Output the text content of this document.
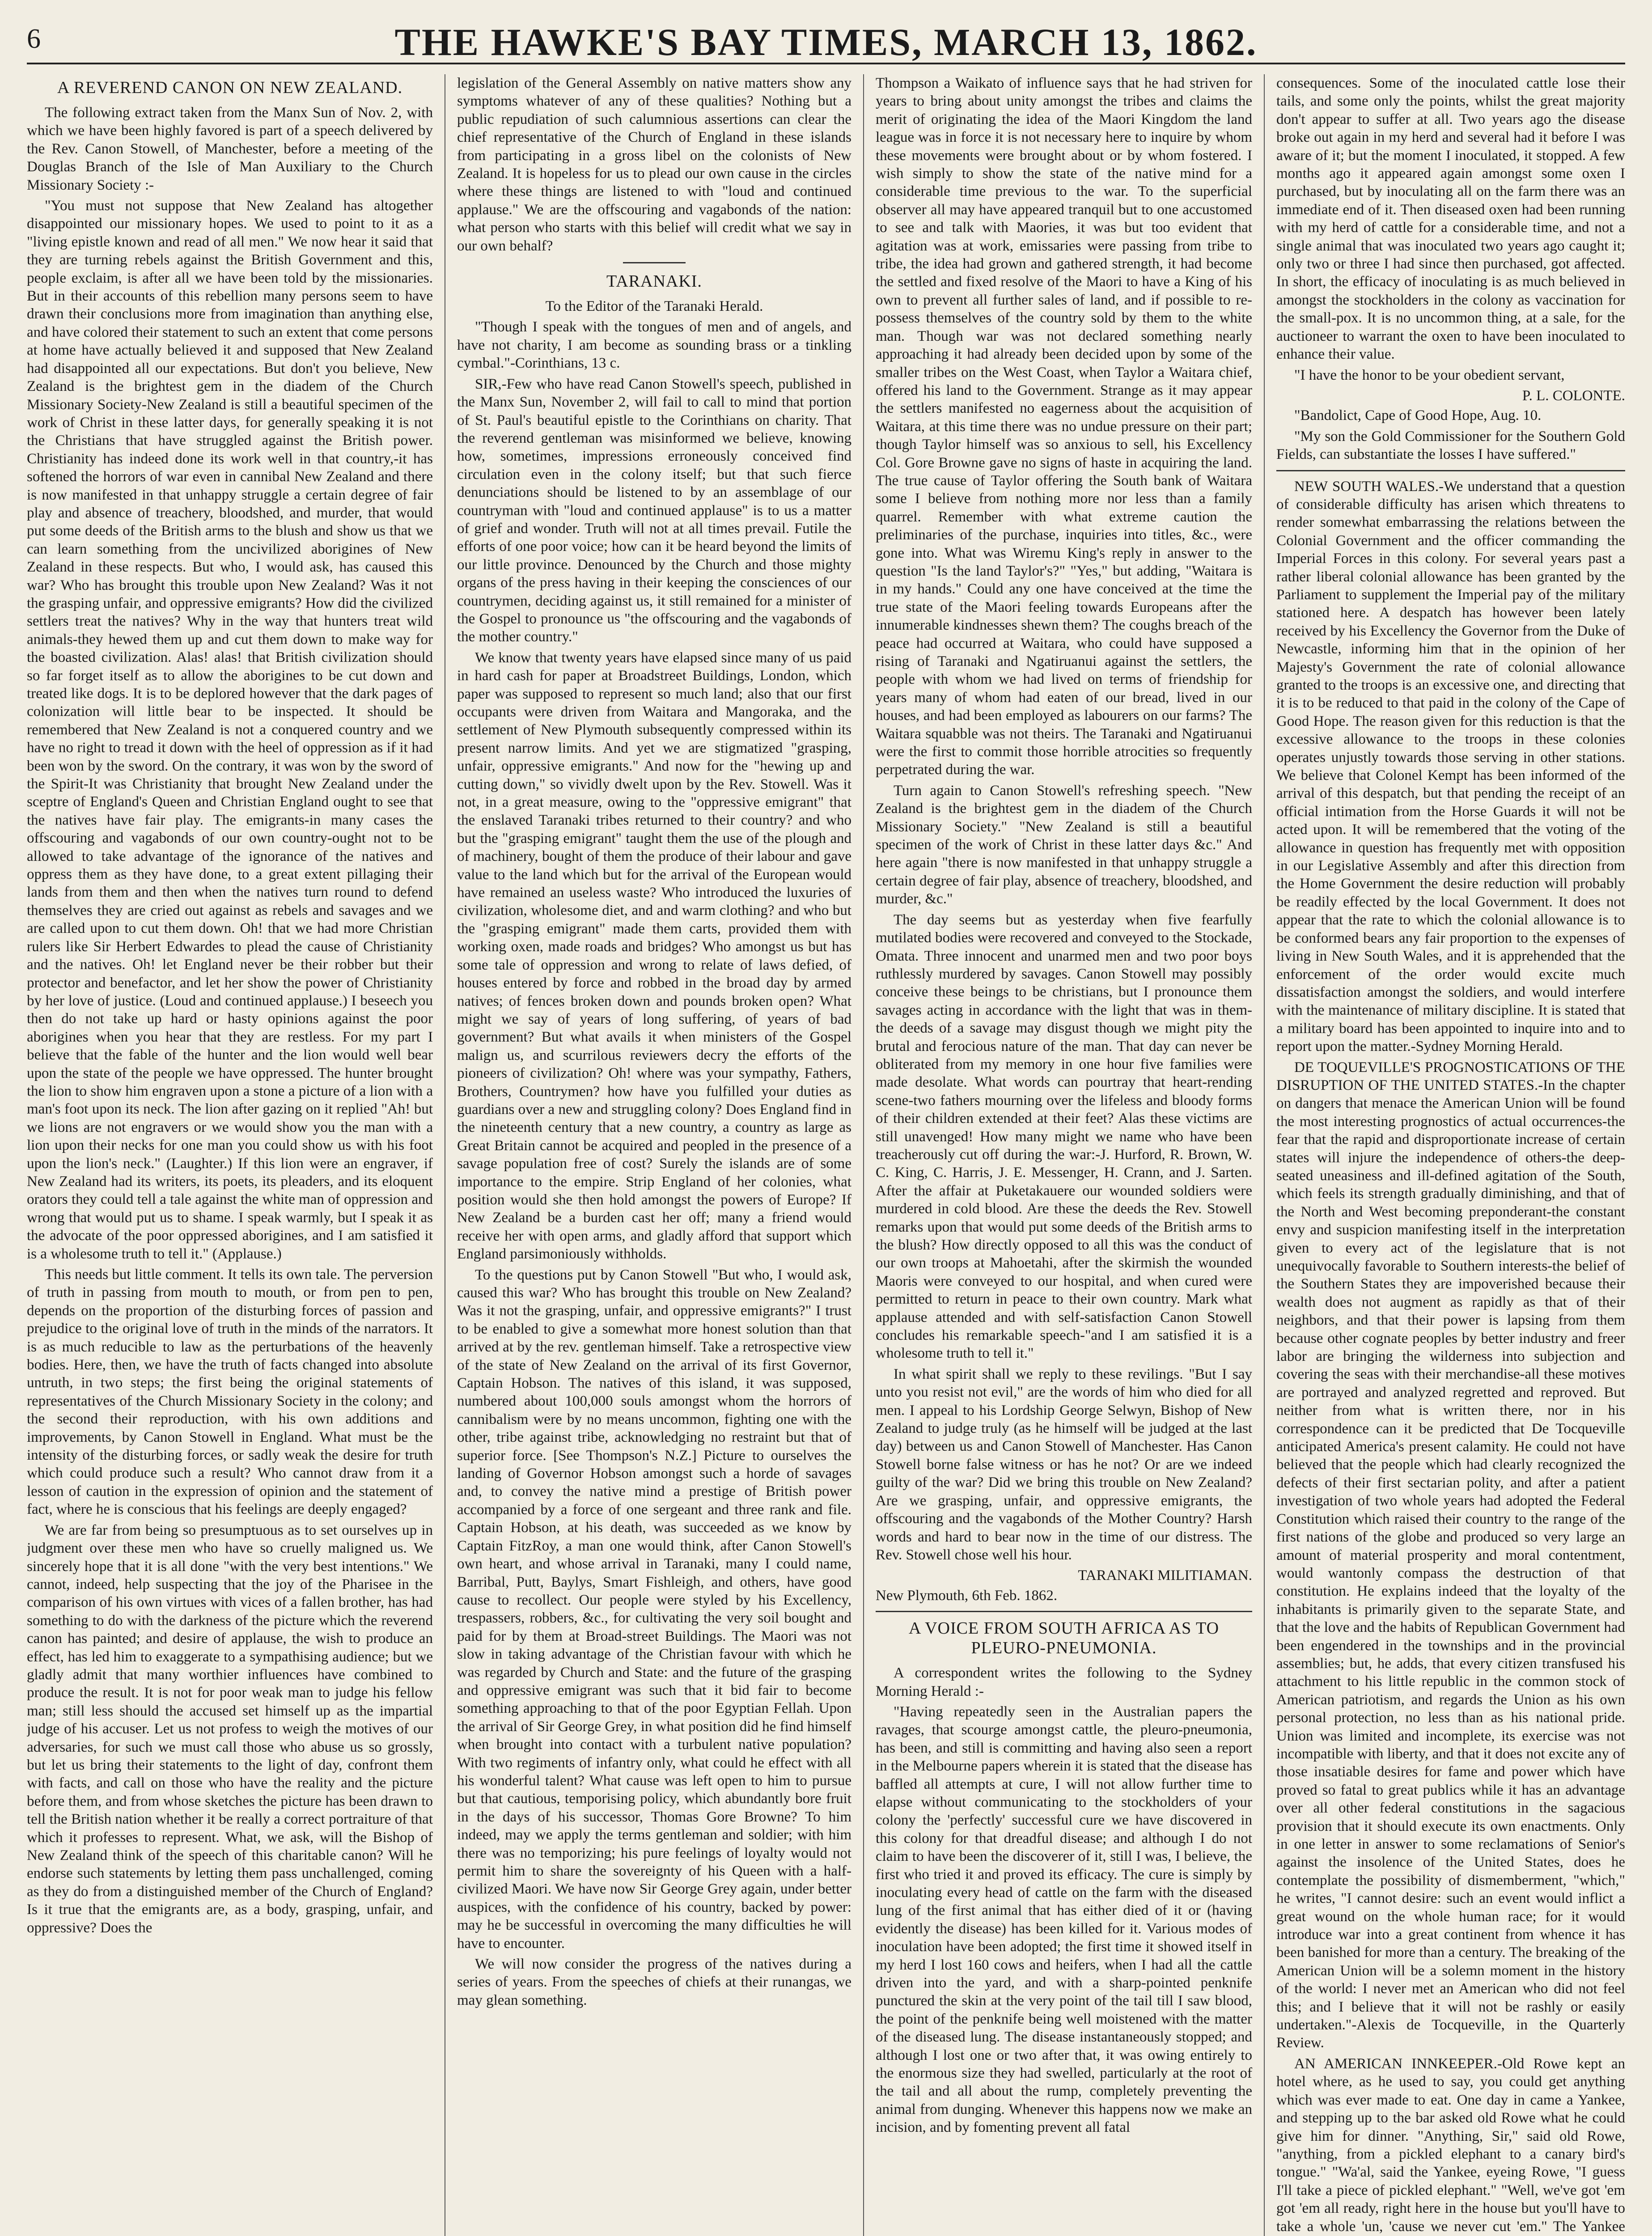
6	THE HAWKE'S BAY TIMES, MARCH 13, 1862.
A REVEREND CANON ON NEW ZEALAND.

The following extract taken from the Manx Sun of Nov. 2, with which we have been highly favored is part of a speech delivered by the Rev. Canon Stowell, of Manchester, before a meeting of the Douglas Branch of the Isle of Man Auxiliary to the Church Missionary Society :-

"You must not suppose that New Zealand has altogether disappointed our missionary hopes. We used to point to it as a "living epistle known and read of all men." We now hear it said that they are turning rebels against the British Government and this, people exclaim, is after all we have been told by the missionaries. But in their accounts of this rebellion many persons seem to have drawn their conclusions more from imagination than anything else, and have colored their statement to such an extent that come persons at home have actually believed it and supposed that New Zealand had disappointed all our expectations. But don't you believe, New Zealand is the brightest gem in the diadem of the Church Missionary Society-New Zealand is still a beautiful specimen of the work of Christ in these latter days, for generally speaking it is not the Christians that have struggled against the British power. Christianity has indeed done its work well in that country,-it has softened the horrors of war even in cannibal New Zealand and there is now manifested in that unhappy struggle a certain degree of fair play and absence of treachery, bloodshed, and murder, that would put some deeds of the British arms to the blush and show us that we can learn something from the uncivilized aborigines of New Zealand in these respects. But who, I would ask, has caused this war? Who has brought this trouble upon New Zealand? Was it not the grasping unfair, and oppressive emigrants? How did the civilized settlers treat the natives? Why in the way that hunters treat wild animals-they hewed them up and cut them down to make way for the boasted civilization. Alas! alas! that British civilization should so far forget itself as to allow the aborigines to be cut down and treated like dogs. It is to be deplored however that the dark pages of colonization will little bear to be inspected. It should be remembered that New Zealand is not a conquered country and we have no right to tread it down with the heel of oppression as if it had been won by the sword. On the contrary, it was won by the sword of the Spirit-It was Christianity that brought New Zealand under the sceptre of England's Queen and Christian England ought to see that the natives have fair play. The emigrants-in many cases the offscouring and vagabonds of our own country-ought not to be allowed to take advantage of the ignorance of the natives and oppress them as they have done, to a great extent pillaging their lands from them and then when the natives turn round to defend themselves they are cried out against as rebels and savages and we are called upon to cut them down. Oh! that we had more Christian rulers like Sir Herbert Edwardes to plead the cause of Christianity and the natives. Oh! let England never be their robber but their protector and benefactor, and let her show the power of Christianity by her love of justice. (Loud and continued applause.) I beseech you then do not take up hard or hasty opinions against the poor aborigines when you hear that they are restless. For my part I believe that the fable of the hunter and the lion would well bear upon the state of the people we have oppressed. The hunter brought the lion to show him engraven upon a stone a picture of a lion with a man's foot upon its neck. The lion after gazing on it replied "Ah! but we lions are not engravers or we would show you the man with a lion upon their necks for one man you could show us with his foot upon the lion's neck." (Laughter.) If this lion were an engraver, if New Zealand had its writers, its poets, its pleaders, and its eloquent orators they could tell a tale against the white man of oppression and wrong that would put us to shame. I speak warmly, but I speak it as the advocate of the poor oppressed aborigines, and I am satisfied it is a wholesome truth to tell it." (Applause.)

This needs but little comment. It tells its own tale. The perversion of truth in passing from mouth to mouth, or from pen to pen, depends on the proportion of the disturbing forces of passion and prejudice to the original love of truth in the minds of the narrators. It is as much reducible to law as the perturbations of the heavenly bodies. Here, then, we have the truth of facts changed into absolute untruth, in two steps; the first being the original statements of representatives of the Church Missionary Society in the colony; and the second their reproduction, with his own additions and improvements, by Canon Stowell in England. What must be the intensity of the disturbing forces, or sadly weak the desire for truth which could produce such a result? Who cannot draw from it a lesson of caution in the expression of opinion and the statement of fact, where he is conscious that his feelings are deeply engaged?

We are far from being so presumptuous as to set ourselves up in judgment over these men who have so cruelly maligned us. We sincerely hope that it is all done "with the very best intentions." We cannot, indeed, help suspecting that the joy of the Pharisee in the comparison of his own virtues with vices of a fallen brother, has had something to do with the darkness of the picture which the reverend canon has painted; and desire of applause, the wish to produce an effect, has led him to exaggerate to a sympathising audience; but we gladly admit that many worthier influences have combined to produce the result. It is not for poor weak man to judge his fellow man; still less should the accused set himself up as the impartial judge of his accuser. Let us not profess to weigh the motives of our adversaries, for such we must call those who abuse us so grossly, but let us bring their statements to the light of day, confront them with facts, and call on those who have the reality and the picture before them, and from whose sketches the picture has been drawn to tell the British nation whether it be really a correct portraiture of that which it professes to represent. What, we ask, will the Bishop of New Zealand think of the speech of this charitable canon? Will he endorse such statements by letting them pass unchallenged, coming as they do from a distinguished member of the Church of England? Is it true that the emigrants are, as a body, grasping, unfair, and oppressive? Does the

legislation of the General Assembly on native matters show any symptoms whatever of any of these qualities? Nothing but a public repudiation of such calumnious assertions can clear the chief representative of the Church of England in these islands from participating in a gross libel on the colonists of New Zealand. It is hopeless for us to plead our own cause in the circles where these things are listened to with "loud and continued applause." We are the offscouring and vagabonds of the nation: what person who starts with this belief will credit what we say in our own behalf?

TARANAKI.

To the Editor of the Taranaki Herald.

"Though I speak with the tongues of men and of angels, and have not charity, I am become as sounding brass or a tinkling cymbal."-Corinthians, 13 c.

SIR,-Few who have read Canon Stowell's speech, published in the Manx Sun, November 2, will fail to call to mind that portion of St. Paul's beautiful epistle to the Corinthians on charity. That the reverend gentleman was misinformed we believe, knowing how, sometimes, impressions erroneously conceived find circulation even in the colony itself; but that such fierce denunciations should be listened to by an assemblage of our countryman with "loud and continued applause" is to us a matter of grief and wonder. Truth will not at all times prevail. Futile the efforts of one poor voice; how can it be heard beyond the limits of our little province. Denounced by the Church and those mighty organs of the press having in their keeping the consciences of our countrymen, deciding against us, it still remained for a minister of the Gospel to pronounce us "the offscouring and the vagabonds of the mother country."

We know that twenty years have elapsed since many of us paid in hard cash for paper at Broadstreet Buildings, London, which paper was supposed to represent so much land; also that our first occupants were driven from Waitara and Mangoraka, and the settlement of New Plymouth subsequently compressed within its present narrow limits. And yet we are stigmatized "grasping, unfair, oppressive emigrants." And now for the "hewing up and cutting down," so vividly dwelt upon by the Rev. Stowell. Was it not, in a great measure, owing to the "oppressive emigrant" that the enslaved Taranaki tribes returned to their country? and who but the "grasping emigrant" taught them the use of the plough and of machinery, bought of them the produce of their labour and gave value to the land which but for the arrival of the European would have remained an useless waste? Who introduced the luxuries of civilization, wholesome diet, and and warm clothing? and who but the "grasping emigrant" made them carts, provided them with working oxen, made roads and bridges? Who amongst us but has some tale of oppression and wrong to relate of laws defied, of houses entered by force and robbed in the broad day by armed natives; of fences broken down and pounds broken open? What might we say of years of long suffering, of years of bad government? But what avails it when ministers of the Gospel malign us, and scurrilous reviewers decry the efforts of the pioneers of civilization? Oh! where was your sympathy, Fathers, Brothers, Countrymen? how have you fulfilled your duties as guardians over a new and struggling colony? Does England find in the nineteenth century that a new country, a country as large as Great Britain cannot be acquired and peopled in the presence of a savage population free of cost? Surely the islands are of some importance to the empire. Strip England of her colonies, what position would she then hold amongst the powers of Europe? If New Zealand be a burden cast her off; many a friend would receive her with open arms, and gladly afford that support which England parsimoniously withholds.

To the questions put by Canon Stowell "But who, I would ask, caused this war? Who has brought this trouble on New Zealand? Was it not the grasping, unfair, and oppressive emigrants?" I trust to be enabled to give a somewhat more honest solution than that arrived at by the rev. gentleman himself. Take a retrospective view of the state of New Zealand on the arrival of its first Governor, Captain Hobson. The natives of this island, it was supposed, numbered about 100,000 souls amongst whom the horrors of cannibalism were by no means uncommon, fighting one with the other, tribe against tribe, acknowledging no restraint but that of superior force. [See Thompson's N.Z.] Picture to ourselves the landing of Governor Hobson amongst such a horde of savages and, to convey the native mind a prestige of British power accompanied by a force of one sergeant and three rank and file. Captain Hobson, at his death, was succeeded as we know by Captain FitzRoy, a man one would think, after Canon Stowell's own heart, and whose arrival in Taranaki, many I could name, Barribal, Putt, Baylys, Smart Fishleigh, and others, have good cause to recollect. Our people were styled by his Excellency, trespassers, robbers, &c., for cultivating the very soil bought and paid for by them at Broad-street Buildings. The Maori was not slow in taking advantage of the Christian favour with which he was regarded by Church and State: and the future of the grasping and oppressive emigrant was such that it bid fair to become something approaching to that of the poor Egyptian Fellah. Upon the arrival of Sir George Grey, in what position did he find himself when brought into contact with a turbulent native population? With two regiments of infantry only, what could he effect with all his wonderful talent? What cause was left open to him to pursue but that cautious, temporising policy, which abundantly bore fruit in the days of his successor, Thomas Gore Browne? To him indeed, may we apply the terms gentleman and soldier; with him there was no temporizing; his pure feelings of loyalty would not permit him to share the sovereignty of his Queen with a half-civilized Maori. We have now Sir George Grey again, under better auspices, with the confidence of his country, backed by power: may he be successful in overcoming the many difficulties he will have to encounter.

We will now consider the progress of the natives during a series of years. From the speeches of chiefs at their runangas, we may glean something.

Thompson a Waikato of influence says that he had striven for years to bring about unity amongst the tribes and claims the merit of originating the idea of the Maori Kingdom the land league was in force it is not necessary here to inquire by whom these movements were brought about or by whom fostered. I wish simply to show the state of the native mind for a considerable time previous to the war. To the superficial observer all may have appeared tranquil but to one accustomed to see and talk with Maories, it was but too evident that agitation was at work, emissaries were passing from tribe to tribe, the idea had grown and gathered strength, it had become the settled and fixed resolve of the Maori to have a King of his own to prevent all further sales of land, and if possible to re-possess themselves of the country sold by them to the white man. Though war was not declared something nearly approaching it had already been decided upon by some of the smaller tribes on the West Coast, when Taylor a Waitara chief, offered his land to the Government. Strange as it may appear the settlers manifested no eagerness about the acquisition of Waitara, at this time there was no undue pressure on their part; though Taylor himself was so anxious to sell, his Excellency Col. Gore Browne gave no signs of haste in acquiring the land. The true cause of Taylor offering the South bank of Waitara some I believe from nothing more nor less than a family quarrel. Remember with what extreme caution the preliminaries of the purchase, inquiries into titles, &c., were gone into. What was Wiremu King's reply in answer to the question "Is the land Taylor's?" "Yes," but adding, "Waitara is in my hands." Could any one have conceived at the time the true state of the Maori feeling towards Europeans after the innumerable kindnesses shewn them? The coughs breach of the peace had occurred at Waitara, who could have supposed a rising of Taranaki and Ngatiruanui against the settlers, the people with whom we had lived on terms of friendship for years many of whom had eaten of our bread, lived in our houses, and had been employed as labourers on our farms? The Waitara squabble was not theirs. The Taranaki and Ngatiruanui were the first to commit those horrible atrocities so frequently perpetrated during the war.

Turn again to Canon Stowell's refreshing speech. "New Zealand is the brightest gem in the diadem of the Church Missionary Society." "New Zealand is still a beautiful specimen of the work of Christ in these latter days &c." And here again "there is now manifested in that unhappy struggle a certain degree of fair play, absence of treachery, bloodshed, and murder, &c."

The day seems but as yesterday when five fearfully mutilated bodies were recovered and conveyed to the Stockade, Omata. Three innocent and unarmed men and two poor boys ruthlessly murdered by savages. Canon Stowell may possibly conceive these beings to be christians, but I pronounce them savages acting in accordance with the light that was in them-the deeds of a savage may disgust though we might pity the brutal and ferocious nature of the man. That day can never be obliterated from my memory in one hour five families were made desolate. What words can pourtray that heart-rending scene-two fathers mourning over the lifeless and bloody forms of their children extended at their feet? Alas these victims are still unavenged! How many might we name who have been treacherously cut off during the war:-J. Hurford, R. Brown, W. C. King, C. Harris, J. E. Messenger, H. Crann, and J. Sarten. After the affair at Puketakauere our wounded soldiers were murdered in cold blood. Are these the deeds the Rev. Stowell remarks upon that would put some deeds of the British arms to the blush? How directly opposed to all this was the conduct of our own troops at Mahoetahi, after the skirmish the wounded Maoris were conveyed to our hospital, and when cured were permitted to return in peace to their own country. Mark what applause attended and with self-satisfaction Canon Stowell concludes his remarkable speech-"and I am satisfied it is a wholesome truth to tell it."

In what spirit shall we reply to these revilings. "But I say unto you resist not evil," are the words of him who died for all men. I appeal to his Lordship George Selwyn, Bishop of New Zealand to judge truly (as he himself will be judged at the last day) between us and Canon Stowell of Manchester. Has Canon Stowell borne false witness or has he not? Or are we indeed guilty of the war? Did we bring this trouble on New Zealand? Are we grasping, unfair, and oppressive emigrants, the offscouring and the vagabonds of the Mother Country? Harsh words and hard to bear now in the time of our distress. The Rev. Stowell chose well his hour.

TARANAKI MILITIAMAN.

New Plymouth, 6th Feb. 1862.

A VOICE FROM SOUTH AFRICA AS TO PLEURO-PNEUMONIA.

A correspondent writes the following to the Sydney Morning Herald :-

"Having repeatedly seen in the Australian papers the ravages, that scourge amongst cattle, the pleuro-pneumonia, has been, and still is committing and having also seen a report in the Melbourne papers wherein it is stated that the disease has baffled all attempts at cure, I will not allow further time to elapse without communicating to the stockholders of your colony the 'perfectly' successful cure we have discovered in this colony for that dreadful disease; and although I do not claim to have been the discoverer of it, still I was, I believe, the first who tried it and proved its efficacy. The cure is simply by inoculating every head of cattle on the farm with the diseased lung of the first animal that has either died of it or (having evidently the disease) has been killed for it. Various modes of inoculation have been adopted; the first time it showed itself in my herd I lost 160 cows and heifers, when I had all the cattle driven into the yard, and with a sharp-pointed penknife punctured the skin at the very point of the tail till I saw blood, the point of the penknife being well moistened with the matter of the diseased lung. The disease instantaneously stopped; and although I lost one or two after that, it was owing entirely to the enormous size they had swelled, particularly at the root of the tail and all about the rump, completely preventing the animal from dunging. Whenever this happens now we make an incision, and by fomenting prevent all fatal

consequences. Some of the inoculated cattle lose their tails, and some only the points, whilst the great majority don't appear to suffer at all. Two years ago the disease broke out again in my herd and several had it before I was aware of it; but the moment I inoculated, it stopped. A few months ago it appeared again amongst some oxen I purchased, but by inoculating all on the farm there was an immediate end of it. Then diseased oxen had been running with my herd of cattle for a considerable time, and not a single animal that was inoculated two years ago caught it; only two or three I had since then purchased, got affected. In short, the efficacy of inoculating is as much believed in amongst the stockholders in the colony as vaccination for the small-pox. It is no uncommon thing, at a sale, for the auctioneer to warrant the oxen to have been inoculated to enhance their value.

"I have the honor to be your obedient servant,

P. L. COLONTE.

"Bandolict, Cape of Good Hope, Aug. 10.

"My son the Gold Commissioner for the Southern Gold Fields, can substantiate the losses I have suffered."

NEW SOUTH WALES.-We understand that a question of considerable difficulty has arisen which threatens to render somewhat embarrassing the relations between the Colonial Government and the officer commanding the Imperial Forces in this colony. For several years past a rather liberal colonial allowance has been granted by the Parliament to supplement the Imperial pay of the military stationed here. A despatch has however been lately received by his Excellency the Governor from the Duke of Newcastle, informing him that in the opinion of her Majesty's Government the rate of colonial allowance granted to the troops is an excessive one, and directing that it is to be reduced to that paid in the colony of the Cape of Good Hope. The reason given for this reduction is that the excessive allowance to the troops in these colonies operates unjustly towards those serving in other stations. We believe that Colonel Kempt has been informed of the arrival of this despatch, but that pending the receipt of an official intimation from the Horse Guards it will not be acted upon. It will be remembered that the voting of the allowance in question has frequently met with opposition in our Legislative Assembly and after this direction from the Home Government the desire reduction will probably be readily effected by the local Government. It does not appear that the rate to which the colonial allowance is to be conformed bears any fair proportion to the expenses of living in New South Wales, and it is apprehended that the enforcement of the order would excite much dissatisfaction amongst the soldiers, and would interfere with the maintenance of military discipline. It is stated that a military board has been appointed to inquire into and to report upon the matter.-Sydney Morning Herald.

DE TOQUEVILLE'S PROGNOSTICATIONS OF THE DISRUPTION OF THE UNITED STATES.-In the chapter on dangers that menace the American Union will be found the most interesting prognostics of actual occurrences-the fear that the rapid and disproportionate increase of certain states will injure the independence of others-the deep-seated uneasiness and ill-defined agitation of the South, which feels its strength gradually diminishing, and that of the North and West becoming preponderant-the constant envy and suspicion manifesting itself in the interpretation given to every act of the legislature that is not unequivocally favorable to Southern interests-the belief of the Southern States they are impoverished because their wealth does not augment as rapidly as that of their neighbors, and that their power is lapsing from them because other cognate peoples by better industry and freer labor are bringing the wilderness into subjection and covering the seas with their merchandise-all these motives are portrayed and analyzed regretted and reproved. But neither from what is written there, nor in his correspondence can it be predicted that De Tocqueville anticipated America's present calamity. He could not have believed that the people which had clearly recognized the defects of their first sectarian polity, and after a patient investigation of two whole years had adopted the Federal Constitution which raised their country to the range of the first nations of the globe and produced so very large an amount of material prosperity and moral contentment, would wantonly compass the destruction of that constitution. He explains indeed that the loyalty of the inhabitants is primarily given to the separate State, and that the love and the habits of Republican Government had been engendered in the townships and in the provincial assemblies; but, he adds, that every citizen transfused his attachment to his little republic in the common stock of American patriotism, and regards the Union as his own personal protection, no less than as his national pride. Union was limited and incomplete, its exercise was not incompatible with liberty, and that it does not excite any of those insatiable desires for fame and power which have proved so fatal to great publics while it has an advantage over all other federal constitutions in the sagacious provision that it should execute its own enactments. Only in one letter in answer to some reclamations of Senior's against the insolence of the United States, does he contemplate the possibility of dismemberment, "which," he writes, "I cannot desire: such an event would inflict a great wound on the whole human race; for it would introduce war into a great continent from whence it has been banished for more than a century. The breaking of the American Union will be a solemn moment in the history of the world: I never met an American who did not feel this; and I believe that it will not be rashly or easily undertaken."-Alexis de Tocqueville, in the Quarterly Review.

AN AMERICAN INNKEEPER.-Old Rowe kept an hotel where, as he used to say, you could get anything which was ever made to eat. One day in came a Yankee, and stepping up to the bar asked old Rowe what he could give him for dinner. "Anything, Sir," said old Rowe, "anything, from a pickled elephant to a canary bird's tongue." "Wa'al, said the Yankee, eyeing Rowe, "I guess I'll take a piece of pickled elephant." "Well, we've got 'em got 'em all ready, right here in the house but you'll have to take a whole 'un, 'cause we never cut 'em." The Yankee
